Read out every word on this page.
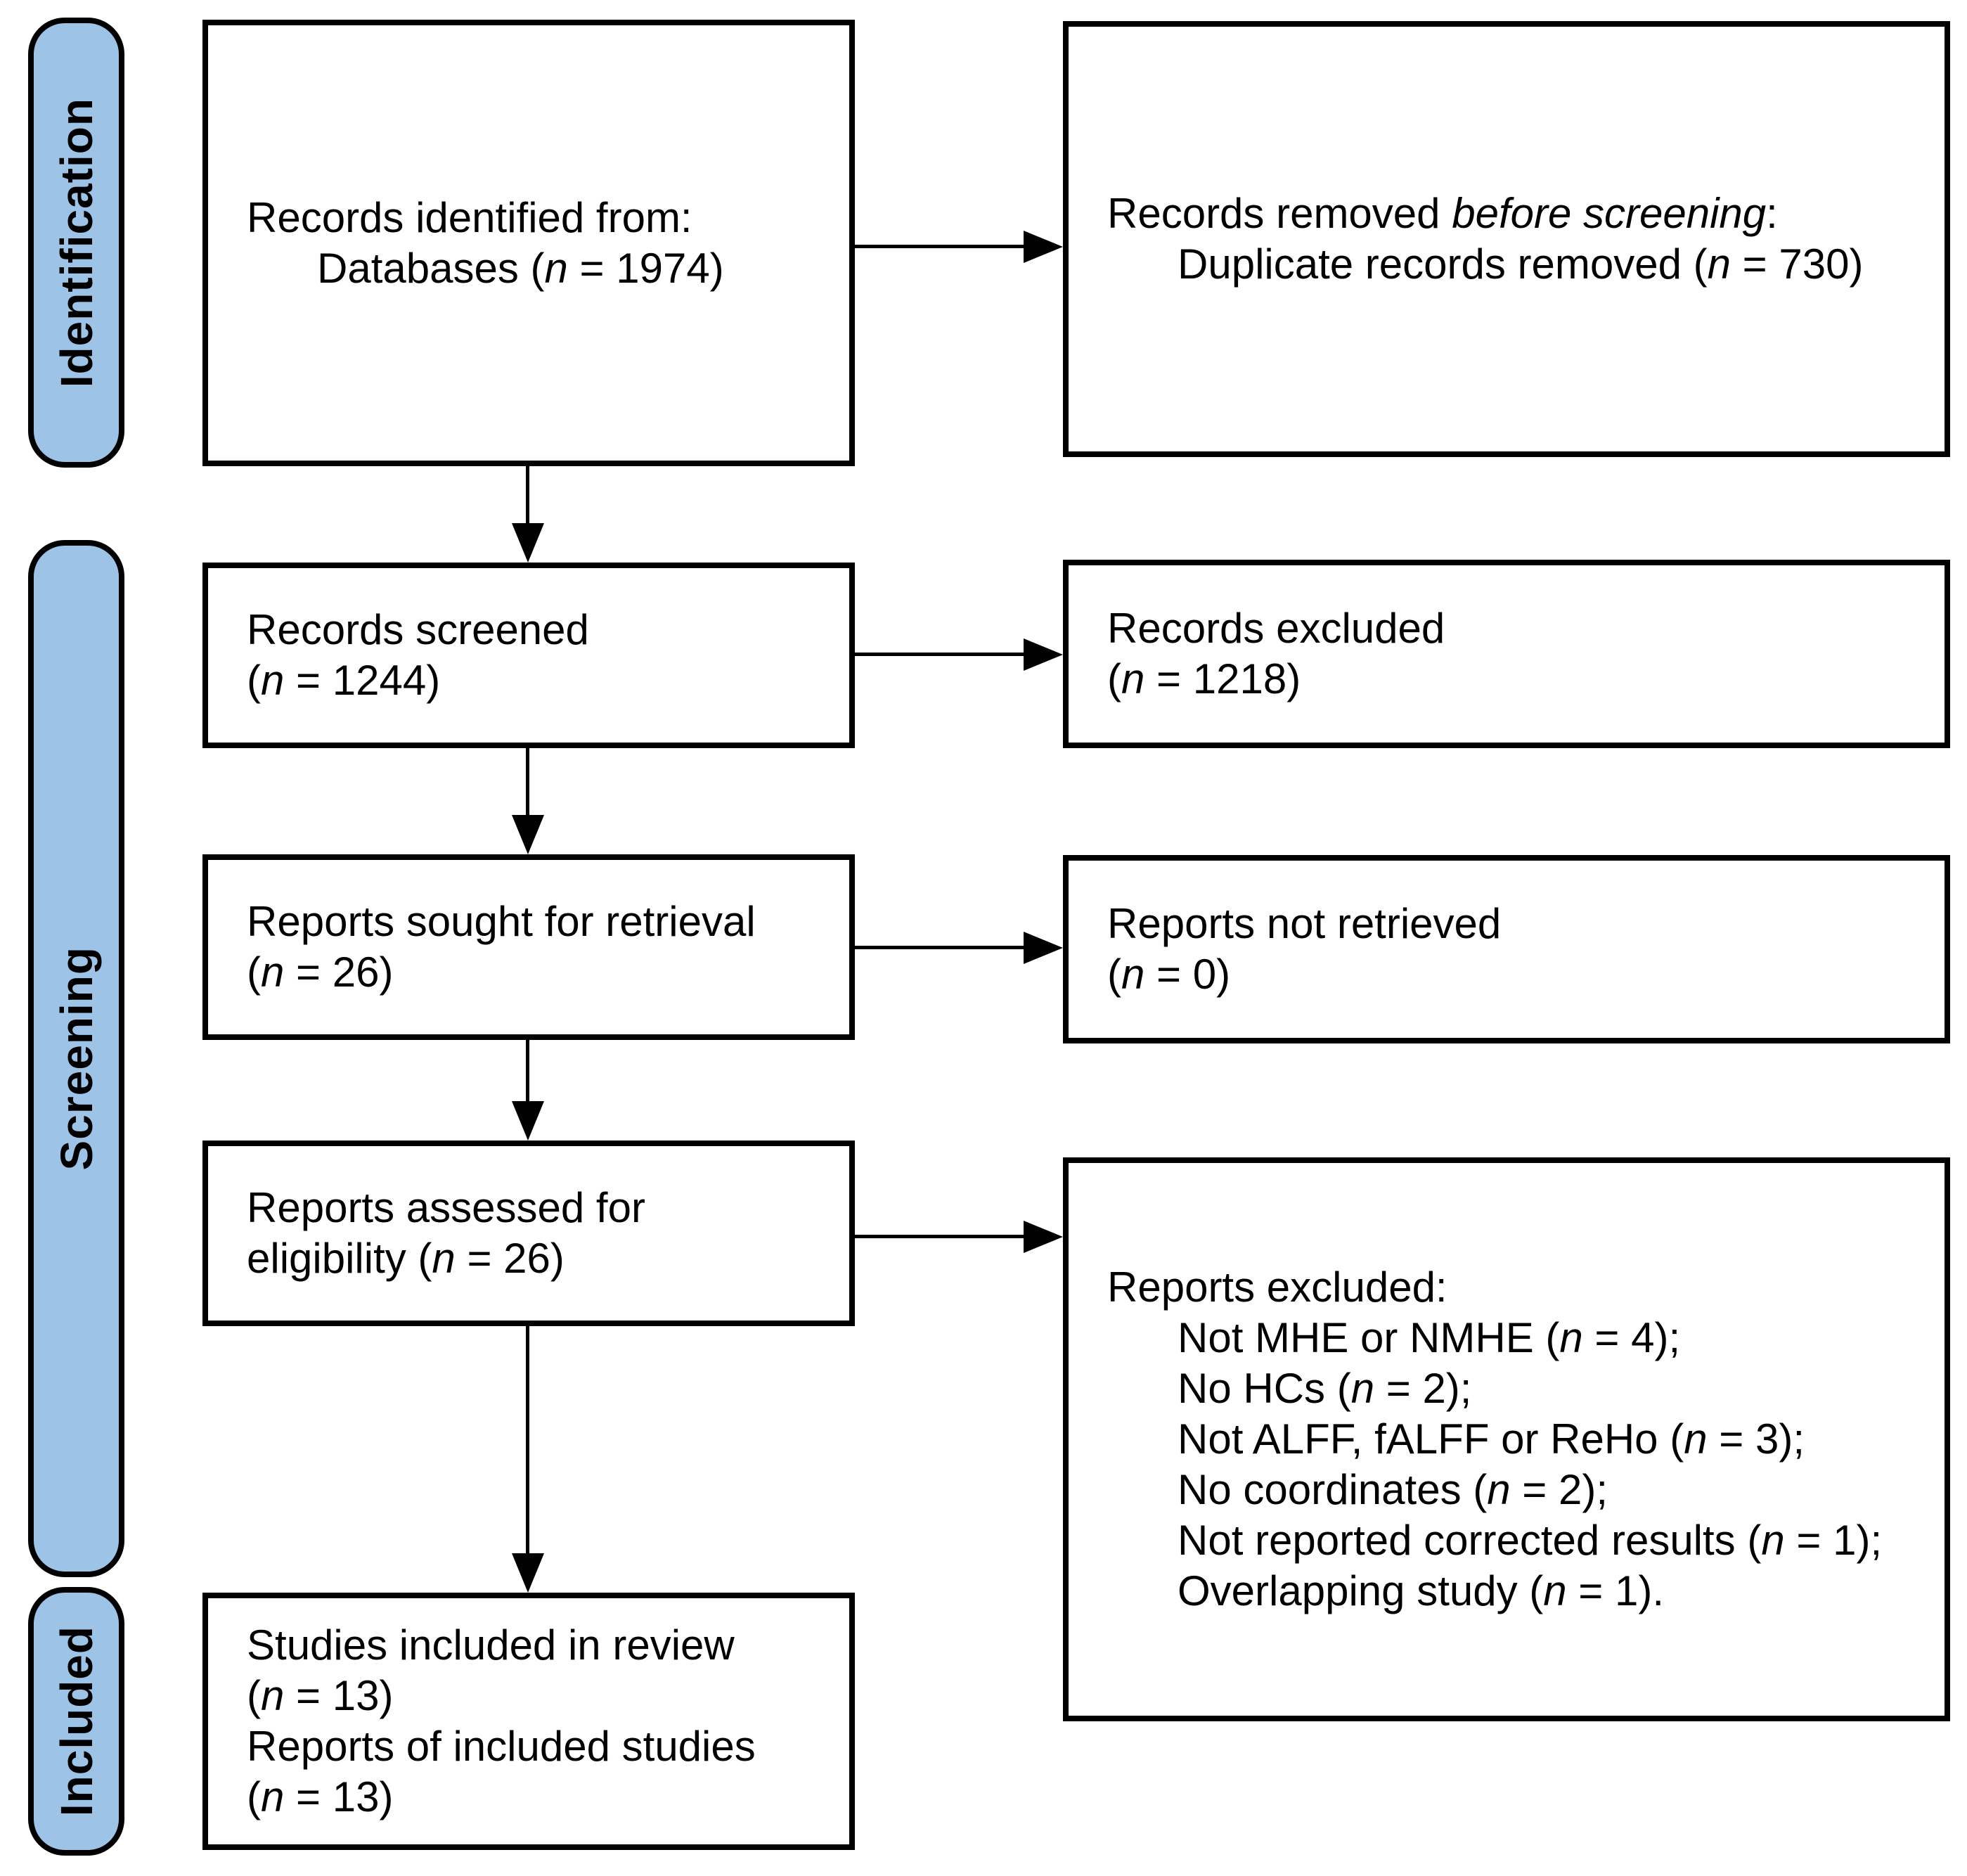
Identification
Screening
Included
Records identified from:
Databases (n = 1974)
Records screened
(n = 1244)
Reports sought for retrieval
(n = 26)
Reports assessed for
eligibility (n = 26)
Studies included in review
(n = 13)
Reports of included studies
(n = 13)
Records removed before screening:
Duplicate records removed (n = 730)
Records excluded
(n = 1218)
Reports not retrieved
(n = 0)
Reports excluded:
Not MHE or NMHE (n = 4);
No HCs (n = 2);
Not ALFF, fALFF or ReHo (n = 3);
No coordinates (n = 2);
Not reported corrected results (n = 1);
Overlapping study (n = 1).
